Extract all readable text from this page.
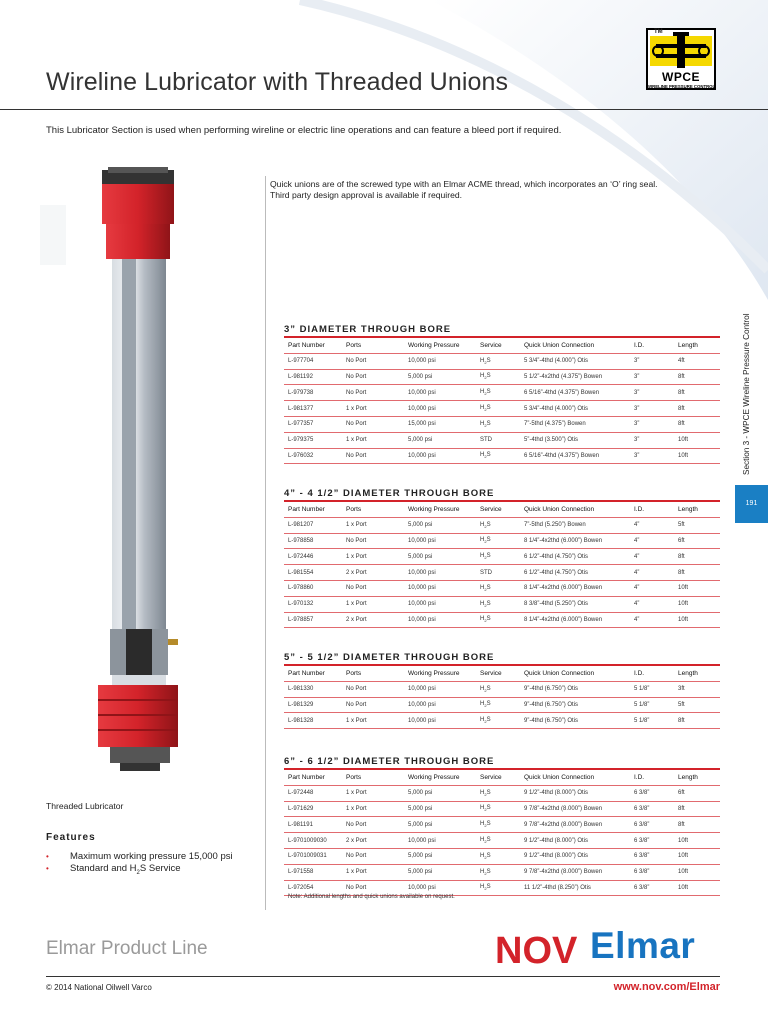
Wireline Lubricator with Threaded Unions
This Lubricator Section is used when performing wireline or electric line operations and can feature a bleed port if required.
TM
WPCE
WIRELINE PRESSURE CONTROL
Quick unions are of the screwed type with an Elmar ACME thread, which incorporates an ‘O’ ring seal.
Third party design approval is available if required.
Section 3 - WPCE Wireline Pressure Control
191
3” DIAMETER THROUGH BORE
Part Number	Ports	Working Pressure	Service	Quick Union Connection	I.D.	Length
L-977704	No Port	10,000 psi	$H_2S$	5 3/4”-4thd (4.000”) Otis	3”	4ft
L-981192	No Port	5,000 psi	$H_2S$	5 1/2”-4x2thd (4.375”) Bowen	3”	8ft
L-979738	No Port	10,000 psi	$H_2S$	6 5/16”-4thd (4.375”) Bowen	3”	8ft
L-981377	1 x Port	10,000 psi	$H_2S$	5 3/4”-4thd (4.000”) Otis	3”	8ft
L-977357	No Port	15,000 psi	$H_2S$	7”-5thd (4.375”) Bowen	3”	8ft
L-979375	1 x Port	5,000 psi	STD	5”-4thd (3.500”) Otis	3”	10ft
L-976032	No Port	10,000 psi	$H_2S$	6 5/16”-4thd (4.375”) Bowen	3”	10ft
4” - 4 1/2” DIAMETER THROUGH BORE
Part Number	Ports	Working Pressure	Service	Quick Union Connection	I.D.	Length
L-981207	1 x Port	5,000 psi	$H_2S$	7”-5thd (5.250”) Bowen	4”	5ft
L-978858	No Port	10,000 psi	$H_2S$	8 1/4”-4x2thd (6.000”) Bowen	4”	6ft
L-972446	1 x Port	5,000 psi	$H_2S$	6 1/2”-4thd (4.750”) Otis	4”	8ft
L-981554	2 x Port	10,000 psi	STD	6 1/2”-4thd (4.750”) Otis	4”	8ft
L-978860	No Port	10,000 psi	$H_2S$	8 1/4”-4x2thd (6.000”) Bowen	4”	10ft
L-970132	1 x Port	10,000 psi	$H_2S$	8 3/8”-4thd (5.250”) Otis	4”	10ft
L-978857	2 x Port	10,000 psi	$H_2S$	8 1/4”-4x2thd (6.000”) Bowen	4”	10ft
5” - 5 1/2” DIAMETER THROUGH BORE
Part Number	Ports	Working Pressure	Service	Quick Union Connection	I.D.	Length
L-981330	No Port	10,000 psi	$H_2S$	9”-4thd (6.750”) Otis	5 1/8”	3ft
L-981329	No Port	10,000 psi	$H_2S$	9”-4thd (6.750”) Otis	5 1/8”	5ft
L-981328	1 x Port	10,000 psi	$H_2S$	9”-4thd (6.750”) Otis	5 1/8”	8ft
6” - 6 1/2” DIAMETER THROUGH BORE
Part Number	Ports	Working Pressure	Service	Quick Union Connection	I.D.	Length
L-972448	1 x Port	5,000 psi	$H_2S$	9 1/2”-4thd (8.000”) Otis	6 3/8”	6ft
L-971629	1 x Port	5,000 psi	$H_2S$	9 7/8”-4x2thd (8.000”) Bowen	6 3/8”	8ft
L-981191	No Port	5,000 psi	$H_2S$	9 7/8”-4x2thd (8.000”) Bowen	6 3/8”	8ft
L-9701009030	2 x Port	10,000 psi	$H_2S$	9 1/2”-4thd (8.000”) Otis	6 3/8”	10ft
L-9701009031	No Port	5,000 psi	$H_2S$	9 1/2”-4thd (8.000”) Otis	6 3/8”	10ft
L-971558	1 x Port	5,000 psi	$H_2S$	9 7/8”-4x2thd (8.000”) Bowen	6 3/8”	10ft
L-972054	No Port	10,000 psi	$H_2S$	11 1/2”-4thd (8.250”) Otis	6 3/8”	10ft
Note: Additional lengths and quick unions available on request.
Threaded Lubricator
Features
• Maximum working pressure 15,000 psi
• Standard and $H_2S$ Service
Elmar Product Line	NOV Elmar
© 2014 National Oilwell Varco	www.nov.com/Elmar
